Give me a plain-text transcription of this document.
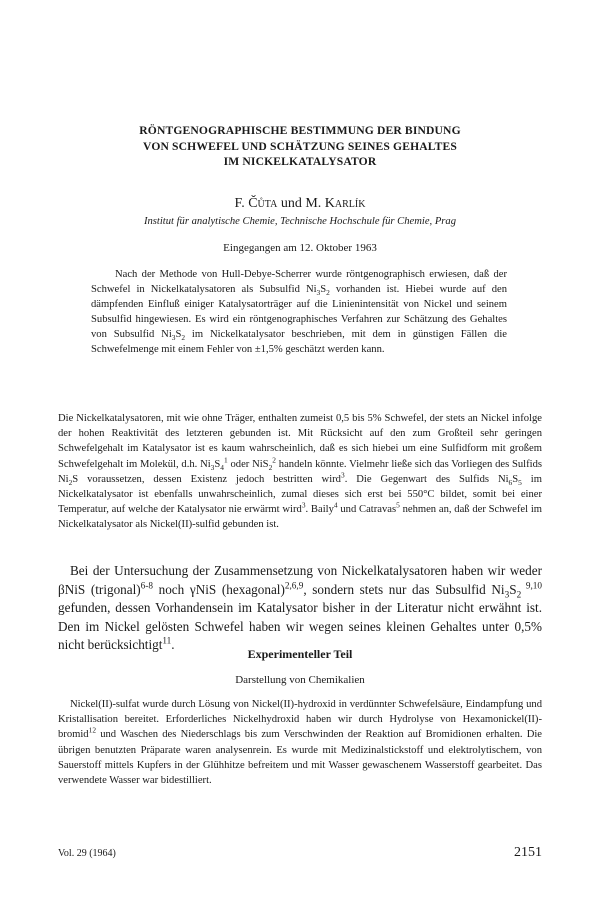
RÖNTGENOGRAPHISCHE BESTIMMUNG DER BINDUNG
VON SCHWEFEL UND SCHÄTZUNG SEINES GEHALTES
IM NICKELKATALYSATOR
F. Čůta und M. Karlík
Institut für analytische Chemie, Technische Hochschule für Chemie, Prag
Eingegangen am 12. Oktober 1963

Nach der Methode von Hull-Debye-Scherrer wurde röntgenographisch erwiesen, daß der Schwefel in Nickelkatalysatoren als Subsulfid $Ni_3S_2$ vorhanden ist. Hiebei wurde auf den dämpfenden Einfluß einiger Katalysatorträger auf die Linienintensität von Nickel und seinem Subsulfid hingewiesen. Es wird ein röntgenographisches Verfahren zur Schätzung des Gehaltes von Subsulfid $Ni_3S_2$ im Nickelkatalysator beschrieben, mit dem in günstigen Fällen die Schwefelmenge mit einem Fehler von ±1,5% geschätzt werden kann.

Die Nickelkatalysatoren, mit wie ohne Träger, enthalten zumeist 0,5 bis 5% Schwefel, der stets an Nickel infolge der hohen Reaktivität des letzteren gebunden ist. Mit Rücksicht auf den zum Großteil sehr geringen Schwefelgehalt im Katalysator ist es kaum wahrscheinlich, daß es sich hiebei um eine Sulfidform mit großem Schwefelgehalt im Molekül, d.h. $Ni_3S_4^1$ oder NiS$_2^2$ handeln könnte. Vielmehr ließe sich das Vorliegen des Sulfids $Ni_2S$ voraussetzen, dessen Existenz jedoch bestritten wird$^3$. Die Gegenwart des Sulfids $Ni_6S_5$ im Nickelkatalysator ist ebenfalls unwahrscheinlich, zumal dieses sich erst bei 550°C bildet, somit bei einer Temperatur, auf welche der Katalysator nie erwärmt wird$^3$. Baily$^4$ und Catravas$^5$ nehmen an, daß der Schwefel im Nickelkatalysator als Nickel(II)-sulfid gebunden ist.

Bei der Untersuchung der Zusammensetzung von Nickelkatalysatoren haben wir weder βNiS (trigonal)$^{6-8}$ noch γNiS (hexagonal)$^{2,6,9}$, sondern stets nur das Subsulfid $Ni_3S_2$ $^{9,10}$ gefunden, dessen Vorhandensein im Katalysator bisher in der Literatur nicht erwähnt ist. Den im Nickel gelösten Schwefel haben wir wegen seines kleinen Gehaltes unter 0,5% nicht berücksichtigt$^{11}$.

Experimenteller Teil
Darstellung von Chemikalien

Nickel(II)-sulfat wurde durch Lösung von Nickel(II)-hydroxid in verdünnter Schwefelsäure, Eindampfung und Kristallisation bereitet. Erforderliches Nickelhydroxid haben wir durch Hydrolyse von Hexamonickel(II)-bromid$^{12}$ und Waschen des Niederschlags bis zum Verschwinden der Reaktion auf Bromidionen erhalten. Die übrigen benutzten Präparate waren analysenrein. Es wurde mit Medizinalstickstoff und elektrolytischem, von Sauerstoff mittels Kupfers in der Glühhitze befreitem und mit Wasser gewaschenem Wasserstoff gearbeitet. Das verwendete Wasser war bidestilliert.

Vol. 29 (1964)	2151
